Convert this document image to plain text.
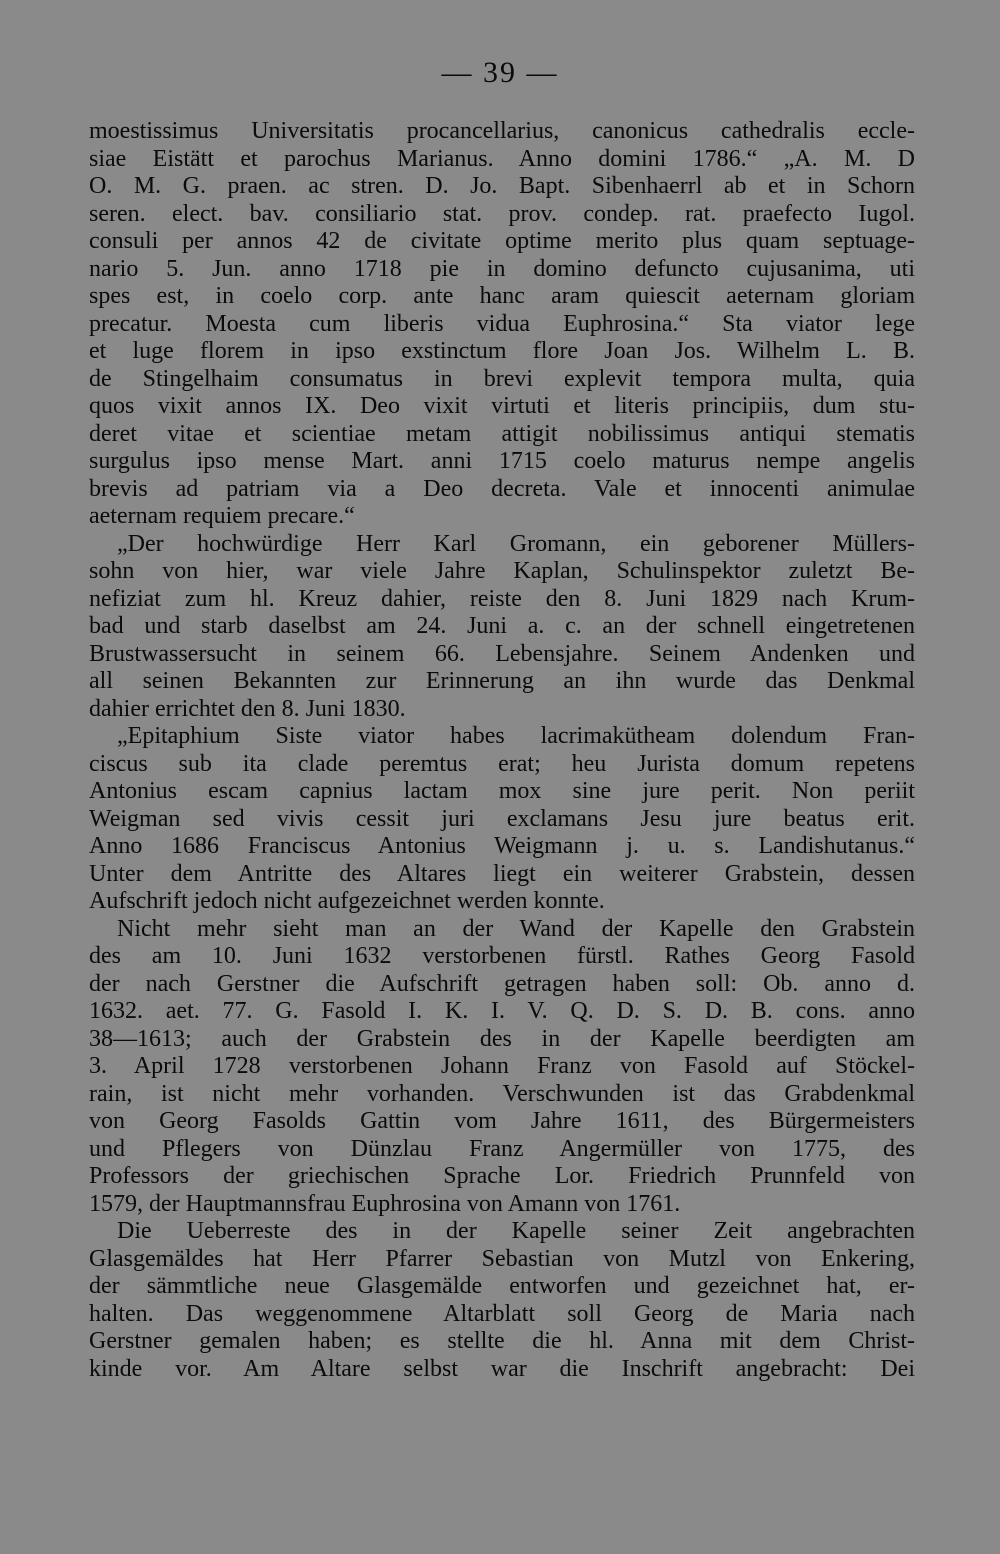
— 39 —
moestissimus Universitatis procancellarius, canonicus cathedralis eccle-
siae Eistätt et parochus Marianus. Anno domini 1786.“ „A. M. D
O. M. G. praen. ac stren. D. Jo. Bapt. Sibenhaerrl ab et in Schorn
seren. elect. bav. consiliario stat. prov. condep. rat. praefecto Iugol.
consuli per annos 42 de civitate optime merito plus quam septuage-
nario 5. Jun. anno 1718 pie in domino defuncto cujusanima, uti
spes est, in coelo corp. ante hanc aram quiescit aeternam gloriam
precatur. Moesta cum liberis vidua Euphrosina.“ Sta viator lege
et luge florem in ipso exstinctum flore Joan Jos. Wilhelm L. B.
de Stingelhaim consumatus in brevi explevit tempora multa, quia
quos vixit annos IX. Deo vixit virtuti et literis principiis, dum stu-
deret vitae et scientiae metam attigit nobilissimus antiqui stematis
surgulus ipso mense Mart. anni 1715 coelo maturus nempe angelis
brevis ad patriam via a Deo decreta. Vale et innocenti animulae
aeternam requiem precare.“
„Der hochwürdige Herr Karl Gromann, ein geborener Müllers-
sohn von hier, war viele Jahre Kaplan, Schulinspektor zuletzt Be-
nefiziat zum hl. Kreuz dahier, reiste den 8. Juni 1829 nach Krum-
bad und starb daselbst am 24. Juni a. c. an der schnell eingetretenen
Brustwassersucht in seinem 66. Lebensjahre. Seinem Andenken und
all seinen Bekannten zur Erinnerung an ihn wurde das Denkmal
dahier errichtet den 8. Juni 1830.
„Epitaphium Siste viator habes lacrimakütheam dolendum Fran-
ciscus sub ita clade peremtus erat; heu Jurista domum repetens
Antonius escam capnius lactam mox sine jure perit. Non periit
Weigman sed vivis cessit juri exclamans Jesu jure beatus erit.
Anno 1686 Franciscus Antonius Weigmann j. u. s. Landishutanus.“
Unter dem Antritte des Altares liegt ein weiterer Grabstein, dessen
Aufschrift jedoch nicht aufgezeichnet werden konnte.
Nicht mehr sieht man an der Wand der Kapelle den Grabstein
des am 10. Juni 1632 verstorbenen fürstl. Rathes Georg Fasold
der nach Gerstner die Aufschrift getragen haben soll: Ob. anno d.
1632. aet. 77. G. Fasold I. K. I. V. Q. D. S. D. B. cons. anno
38—1613; auch der Grabstein des in der Kapelle beerdigten am
3. April 1728 verstorbenen Johann Franz von Fasold auf Stöckel-
rain, ist nicht mehr vorhanden. Verschwunden ist das Grabdenkmal
von Georg Fasolds Gattin vom Jahre 1611, des Bürgermeisters
und Pflegers von Dünzlau Franz Angermüller von 1775, des
Professors der griechischen Sprache Lor. Friedrich Prunnfeld von
1579, der Hauptmannsfrau Euphrosina von Amann von 1761.
Die Ueberreste des in der Kapelle seiner Zeit angebrachten
Glasgemäldes hat Herr Pfarrer Sebastian von Mutzl von Enkering,
der sämmtliche neue Glasgemälde entworfen und gezeichnet hat, er-
halten. Das weggenommene Altarblatt soll Georg de Maria nach
Gerstner gemalen haben; es stellte die hl. Anna mit dem Christ-
kinde vor. Am Altare selbst war die Inschrift angebracht: Dei
